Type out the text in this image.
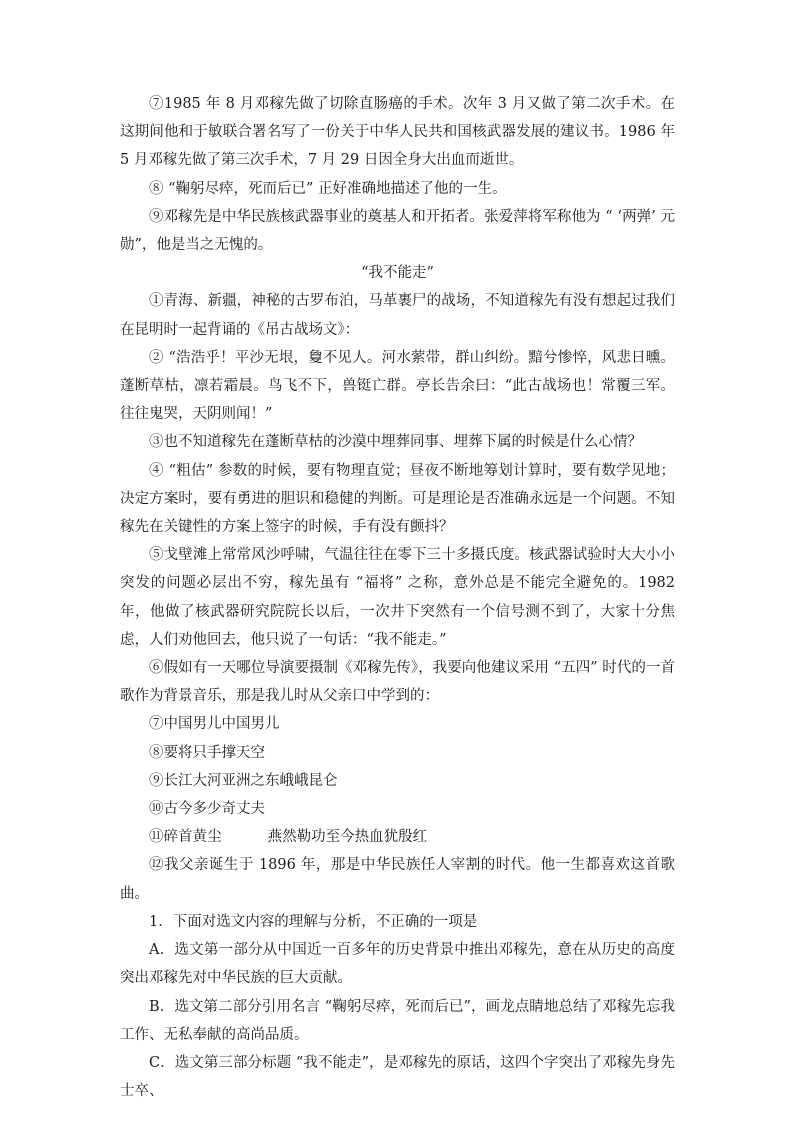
⑦1985 年 8 月邓稼先做了切除直肠癌的手术。次年 3 月又做了第二次手术。在这期间他和于敏联合署名写了一份关于中华人民共和国核武器发展的建议书。1986 年 5 月邓稼先做了第三次手术，7 月 29 日因全身大出血而逝世。

⑧ “鞠躬尽瘁，死而后已” 正好准确地描述了他的一生。

⑨邓稼先是中华民族核武器事业的奠基人和开拓者。张爱萍将军称他为 “ ‘两弹’ 元勋”，他是当之无愧的。

“我不能走”

①青海、新疆，神秘的古罗布泊，马革裹尸的战场，不知道稼先有没有想起过我们在昆明时一起背诵的《吊古战场文》：

② “浩浩乎！平沙无垠，敻不见人。河水萦带，群山纠纷。黯兮惨悴，风悲日曛。蓬断草枯，凛若霜晨。鸟飞不下，兽铤亡群。亭长告余曰：“此古战场也！常覆三军。往往鬼哭，天阴则闻！”

③也不知道稼先在蓬断草枯的沙漠中埋葬同事、埋葬下属的时候是什么心情？

④ “粗估” 参数的时候，要有物理直觉；昼夜不断地筹划计算时，要有数学见地；决定方案时，要有勇进的胆识和稳健的判断。可是理论是否准确永远是一个问题。不知稼先在关键性的方案上签字的时候，手有没有颤抖？

⑤戈壁滩上常常风沙呼啸，气温往往在零下三十多摄氏度。核武器试验时大大小小突发的问题必层出不穷，稼先虽有 “福将” 之称，意外总是不能完全避免的。1982 年，他做了核武器研究院院长以后，一次井下突然有一个信号测不到了，大家十分焦虑，人们劝他回去，他只说了一句话：“我不能走。”

⑥假如有一天哪位导演要摄制《邓稼先传》，我要向他建议采用 “五四” 时代的一首歌作为背景音乐，那是我儿时从父亲口中学到的：

⑦中国男儿中国男儿

⑧要将只手撑天空

⑨长江大河亚洲之东峨峨昆仑

⑩古今多少奇丈夫

⑪碎首黄尘          燕然勒功至今热血犹殷红

⑫我父亲诞生于 1896 年，那是中华民族任人宰割的时代。他一生都喜欢这首歌曲。

1．下面对选文内容的理解与分析，不正确的一项是

A．选文第一部分从中国近一百多年的历史背景中推出邓稼先，意在从历史的高度突出邓稼先对中华民族的巨大贡献。

B．选文第二部分引用名言 “鞠躬尽瘁，死而后已”，画龙点睛地总结了邓稼先忘我工作、无私奉献的高尚品质。

C．选文第三部分标题 “我不能走”，是邓稼先的原话，这四个字突出了邓稼先身先士卒、
